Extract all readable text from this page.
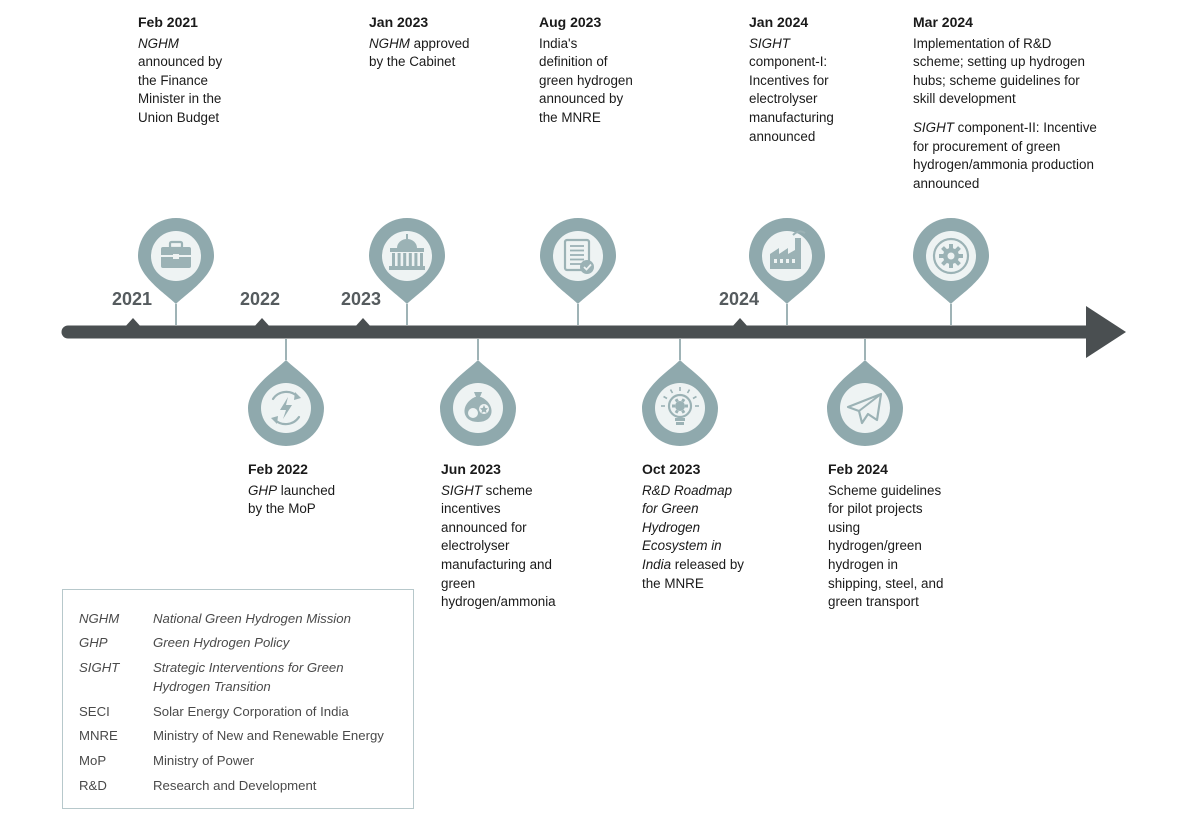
Feb 2021
NGHM
announced by
the Finance
Minister in the
Union Budget
Jan 2023
NGHM approved
by the Cabinet
Aug 2023
India's
definition of
green hydrogen
announced by
the MNRE
Jan 2024
SIGHT
component-I:
Incentives for
electrolyser
manufacturing
announced
Mar 2024
Implementation of R&D
scheme; setting up hydrogen
hubs; scheme guidelines for
skill development
SIGHT component-II: Incentive
for procurement of green
hydrogen/ammonia production
announced
Feb 2022
GHP launched
by the MoP
Jun 2023
SIGHT scheme
incentives
announced for
electrolyser
manufacturing and
green
hydrogen/ammonia
Oct 2023
R&D Roadmap
for Green
Hydrogen
Ecosystem in
India released by
the MNRE
Feb 2024
Scheme guidelines
for pilot projects
using
hydrogen/green
hydrogen in
shipping, steel, and
green transport
2021	2022	2023	2024
NGHM	National Green Hydrogen Mission
GHP	Green Hydrogen Policy
SIGHT	Strategic Interventions for Green
Hydrogen Transition
SECI	Solar Energy Corporation of India
MNRE	Ministry of New and Renewable Energy
MoP	Ministry of Power
R&D	Research and Development
